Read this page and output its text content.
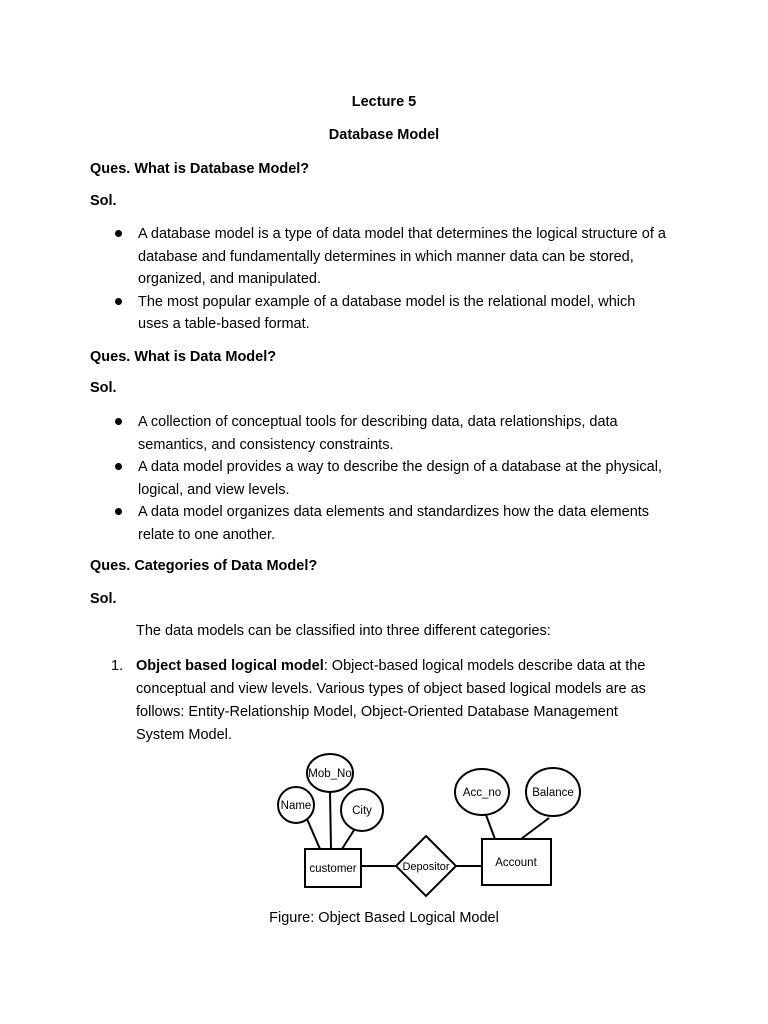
Lecture 5
Database Model
Ques. What is Database Model?
Sol.
A database model is a type of data model that determines the logical structure of a database and fundamentally determines in which manner data can be stored, organized, and manipulated.
The most popular example of a database model is the relational model, which uses a table-based format.
Ques. What is Data Model?
Sol.
A collection of conceptual tools for describing data, data relationships, data semantics, and consistency constraints.
A data model provides a way to describe the design of a database at the physical, logical, and view levels.
A data model organizes data elements and standardizes how the data elements relate to one another.
Ques. Categories of Data Model?
Sol.
The data models can be classified into three different categories:
1. Object based logical model: Object-based logical models describe data at the conceptual and view levels. Various types of object based logical models are as follows: Entity-Relationship Model, Object-Oriented Database Management System Model.
Mob_No
Name	City
customer	Depositor	Account
Acc_no	Balance
Figure: Object Based Logical Model
